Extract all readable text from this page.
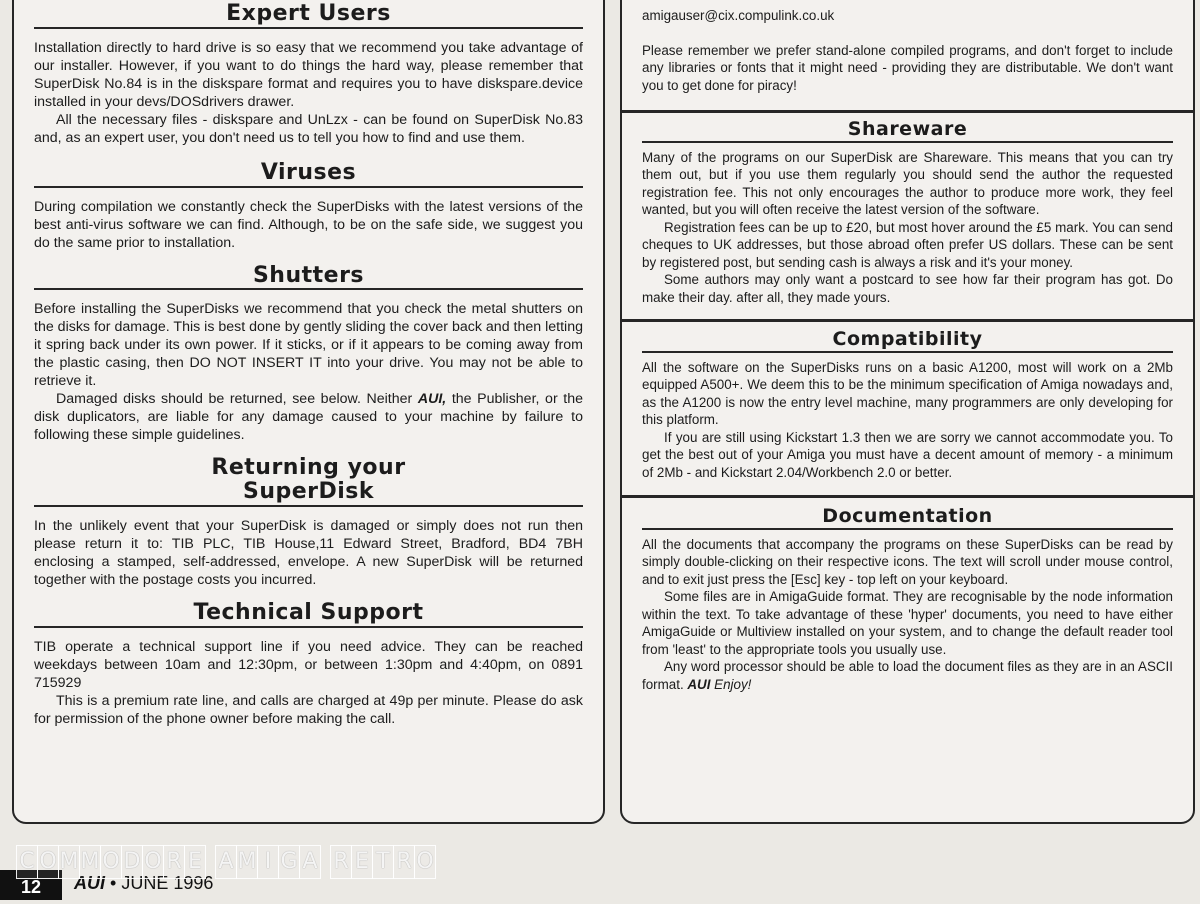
Expert Users

Installation directly to hard drive is so easy that we recommend you take advantage of our installer. However, if you want to do things the hard way, please remember that SuperDisk No.84 is in the diskspare format and requires you to have diskspare.device installed in your devs/DOSdrivers drawer.

All the necessary files - diskspare and UnLzx - can be found on SuperDisk No.83 and, as an expert user, you don't need us to tell you how to find and use them.

Viruses

During compilation we constantly check the SuperDisks with the latest versions of the best anti-virus software we can find. Although, to be on the safe side, we suggest you do the same prior to installation.

Shutters

Before installing the SuperDisks we recommend that you check the metal shutters on the disks for damage. This is best done by gently sliding the cover back and then letting it spring back under its own power. If it sticks, or if it appears to be coming away from the plastic casing, then DO NOT INSERT IT into your drive. You may not be able to retrieve it.

Damaged disks should be returned, see below. Neither AUI, the Publisher, or the disk duplicators, are liable for any damage caused to your machine by failure to following these simple guidelines.

Returning your
SuperDisk

In the unlikely event that your SuperDisk is damaged or simply does not run then please return it to: TIB PLC, TIB House,11 Edward Street, Bradford, BD4 7BH enclosing a stamped, self-addressed, envelope. A new SuperDisk will be returned together with the postage costs you incurred.

Technical Support

TIB operate a technical support line if you need advice. They can be reached weekdays between 10am and 12:30pm, or between 1:30pm and 4:40pm, on 0891 715929

This is a premium rate line, and calls are charged at 49p per minute. Please do ask for permission of the phone owner before making the call.

amigauser@cix.compulink.co.uk

Please remember we prefer stand-alone compiled programs, and don't forget to include any libraries or fonts that it might need - providing they are distributable. We don't want you to get done for piracy!

Shareware

Many of the programs on our SuperDisk are Shareware. This means that you can try them out, but if you use them regularly you should send the author the requested registration fee. This not only encourages the author to produce more work, they feel wanted, but you will often receive the latest version of the software.

Registration fees can be up to £20, but most hover around the £5 mark. You can send cheques to UK addresses, but those abroad often prefer US dollars. These can be sent by registered post, but sending cash is always a risk and it's your money.

Some authors may only want a postcard to see how far their program has got. Do make their day. after all, they made yours.

Compatibility

All the software on the SuperDisks runs on a basic A1200, most will work on a 2Mb equipped A500+. We deem this to be the minimum specification of Amiga nowadays and, as the A1200 is now the entry level machine, many programmers are only developing for this platform.

If you are still using Kickstart 1.3 then we are sorry we cannot accommodate you. To get the best out of your Amiga you must have a decent amount of memory - a minimum of 2Mb - and Kickstart 2.04/Workbench 2.0 or better.

Documentation

All the documents that accompany the programs on these SuperDisks can be read by simply double-clicking on their respective icons. The text will scroll under mouse control, and to exit just press the [Esc] key - top left on your keyboard.

Some files are in AmigaGuide format. They are recognisable by the node information within the text. To take advantage of these 'hyper' documents, you need to have either AmigaGuide or Multiview installed on your system, and to change the default reader tool from 'least' to the appropriate tools you usually use.

Any word processor should be able to load the document files as they are in an ASCII format. AUI Enjoy!

12	AUI • JUNE 1996
C O M M O D O R E A M I G A R E T R O
